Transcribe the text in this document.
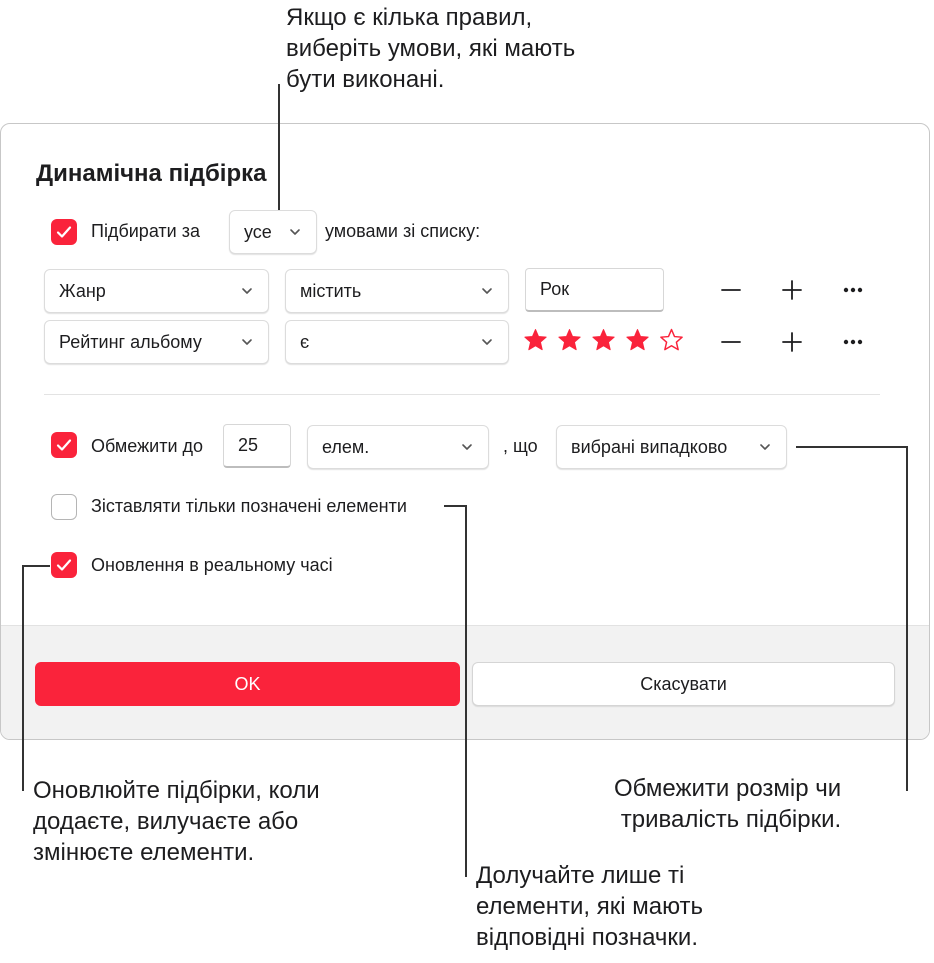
Якщо є кілька правил,
виберіть умови, які мають
бути виконані.
Оновлюйте підбірки, коли
додаєте, вилучаєте або
змінюєте елементи.
Обмежити розмір чи
тривалість підбірки.
Долучайте лише ті
елементи, які мають
відповідні позначки.
Динамічна підбірка
Підбирати за усе	умовами зі списку:
Жанр	містить	Рок
Рейтинг альбому	є
Обмежити до	25	елем.	, що вибрані випадково
Зіставляти тільки позначені елементи
Оновлення в реальному часі
OK	Скасувати
